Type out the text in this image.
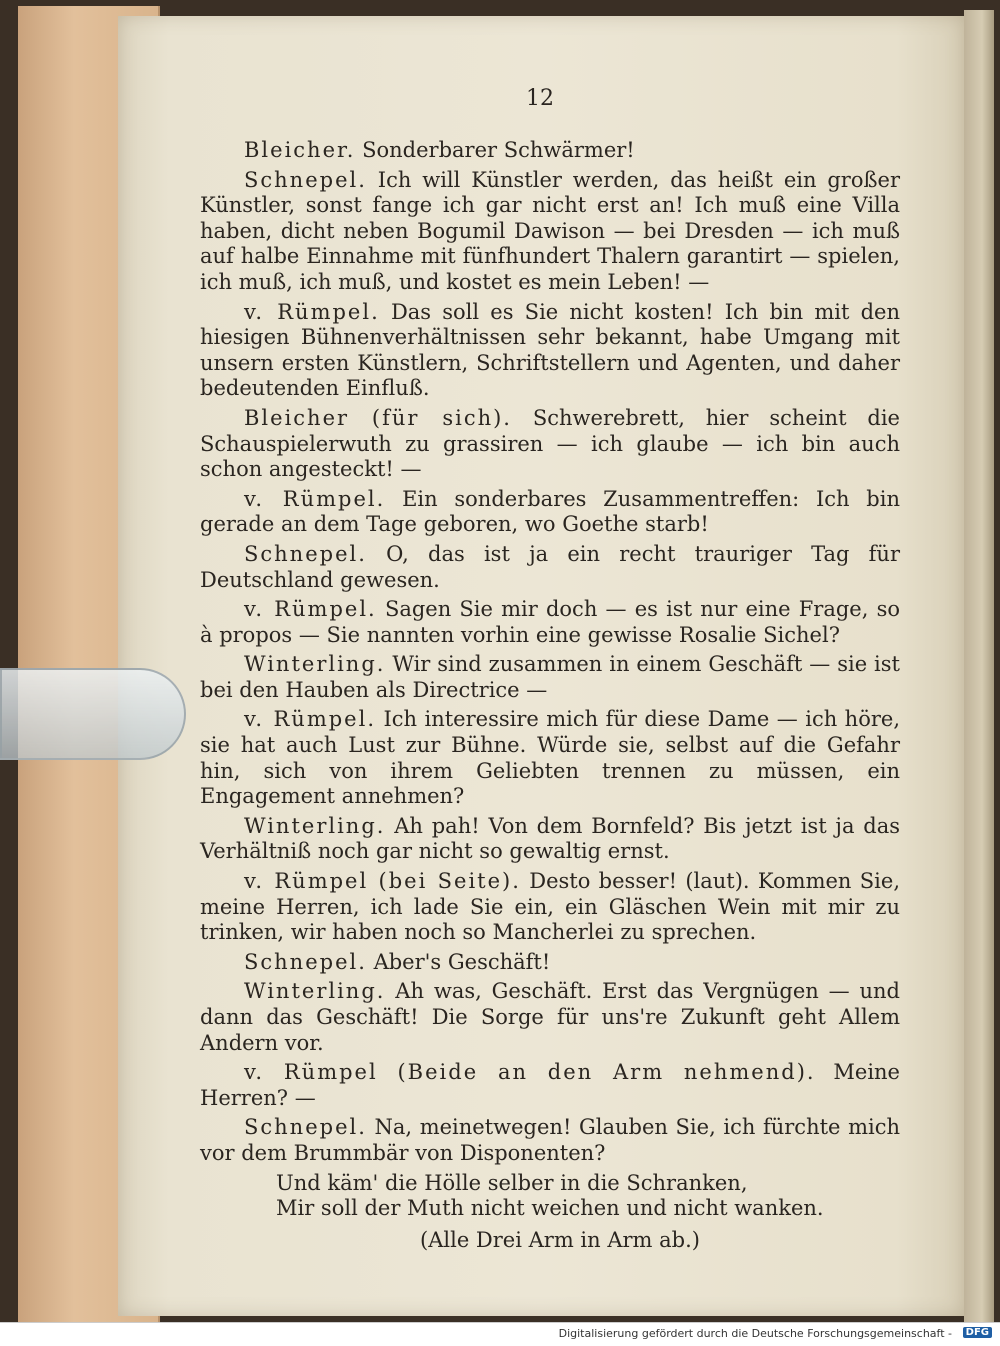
12

Bleicher. Sonderbarer Schwärmer!

Schnepel. Ich will Künstler werden, das heißt ein großer Künstler, sonst fange ich gar nicht erst an! Ich muß eine Villa haben, dicht neben Bogumil Dawison — bei Dresden — ich muß auf halbe Einnahme mit fünfhundert Thalern garantirt — spielen, ich muß, ich muß, und kostet es mein Leben! —

v. Rümpel. Das soll es Sie nicht kosten! Ich bin mit den hiesigen Bühnenverhältnissen sehr bekannt, habe Umgang mit unsern ersten Künstlern, Schriftstellern und Agenten, und daher bedeutenden Einfluß.

Bleicher (für sich). Schwerebrett, hier scheint die Schauspielerwuth zu grassiren — ich glaube — ich bin auch schon angesteckt! —

v. Rümpel. Ein sonderbares Zusammentreffen: Ich bin gerade an dem Tage geboren, wo Goethe starb!

Schnepel. O, das ist ja ein recht trauriger Tag für Deutschland gewesen.

v. Rümpel. Sagen Sie mir doch — es ist nur eine Frage, so à propos — Sie nannten vorhin eine gewisse Rosalie Sichel?

Winterling. Wir sind zusammen in einem Geschäft — sie ist bei den Hauben als Directrice —

v. Rümpel. Ich interessire mich für diese Dame — ich höre, sie hat auch Lust zur Bühne. Würde sie, selbst auf die Gefahr hin, sich von ihrem Geliebten trennen zu müssen, ein Engagement annehmen?

Winterling. Ah pah! Von dem Bornfeld? Bis jetzt ist ja das Verhältniß noch gar nicht so gewaltig ernst.

v. Rümpel (bei Seite). Desto besser! (laut). Kommen Sie, meine Herren, ich lade Sie ein, ein Gläschen Wein mit mir zu trinken, wir haben noch so Mancherlei zu sprechen.

Schnepel. Aber's Geschäft!

Winterling. Ah was, Geschäft. Erst das Vergnügen — und dann das Geschäft! Die Sorge für uns're Zukunft geht Allem Andern vor.

v. Rümpel (Beide an den Arm nehmend). Meine Herren? —

Schnepel. Na, meinetwegen! Glauben Sie, ich fürchte mich vor dem Brummbär von Disponenten?

Und käm' die Hölle selber in die Schranken,

Mir soll der Muth nicht weichen und nicht wanken.

(Alle Drei Arm in Arm ab.)
Digitalisierung gefördert durch die Deutsche Forschungsgemeinschaft -	DFG
